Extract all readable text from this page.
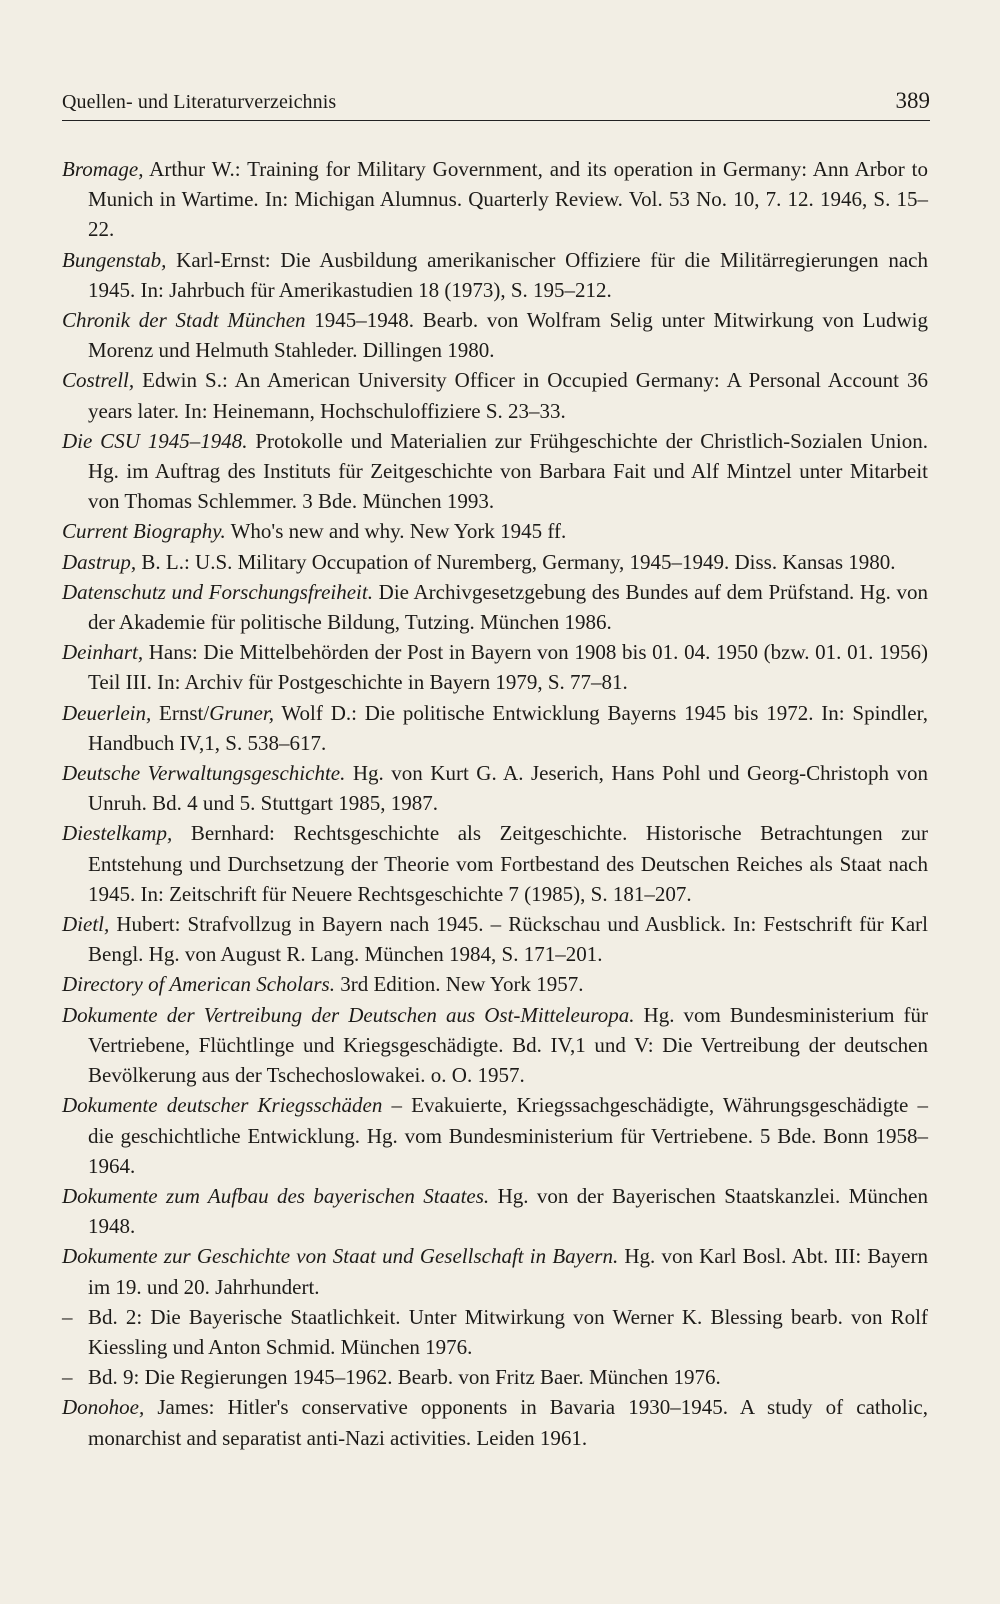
Quellen- und Literaturverzeichnis	389

Bromage, Arthur W.: Training for Military Government, and its operation in Germany: Ann Arbor to Munich in Wartime. In: Michigan Alumnus. Quarterly Review. Vol. 53 No. 10, 7. 12. 1946, S. 15–22.

Bungenstab, Karl-Ernst: Die Ausbildung amerikanischer Offiziere für die Militärregierungen nach 1945. In: Jahrbuch für Amerikastudien 18 (1973), S. 195–212.

Chronik der Stadt München 1945–1948. Bearb. von Wolfram Selig unter Mitwirkung von Ludwig Morenz und Helmuth Stahleder. Dillingen 1980.

Costrell, Edwin S.: An American University Officer in Occupied Germany: A Personal Account 36 years later. In: Heinemann, Hochschuloffiziere S. 23–33.

Die CSU 1945–1948. Protokolle und Materialien zur Frühgeschichte der Christlich-Sozialen Union. Hg. im Auftrag des Instituts für Zeitgeschichte von Barbara Fait und Alf Mintzel unter Mitarbeit von Thomas Schlemmer. 3 Bde. München 1993.

Current Biography. Who's new and why. New York 1945 ff.

Dastrup, B. L.: U.S. Military Occupation of Nuremberg, Germany, 1945–1949. Diss. Kansas 1980.

Datenschutz und Forschungsfreiheit. Die Archivgesetzgebung des Bundes auf dem Prüfstand. Hg. von der Akademie für politische Bildung, Tutzing. München 1986.

Deinhart, Hans: Die Mittelbehörden der Post in Bayern von 1908 bis 01. 04. 1950 (bzw. 01. 01. 1956) Teil III. In: Archiv für Postgeschichte in Bayern 1979, S. 77–81.

Deuerlein, Ernst/Gruner, Wolf D.: Die politische Entwicklung Bayerns 1945 bis 1972. In: Spindler, Handbuch IV,1, S. 538–617.

Deutsche Verwaltungsgeschichte. Hg. von Kurt G. A. Jeserich, Hans Pohl und Georg-Christoph von Unruh. Bd. 4 und 5. Stuttgart 1985, 1987.

Diestelkamp, Bernhard: Rechtsgeschichte als Zeitgeschichte. Historische Betrachtungen zur Entstehung und Durchsetzung der Theorie vom Fortbestand des Deutschen Reiches als Staat nach 1945. In: Zeitschrift für Neuere Rechtsgeschichte 7 (1985), S. 181–207.

Dietl, Hubert: Strafvollzug in Bayern nach 1945. – Rückschau und Ausblick. In: Festschrift für Karl Bengl. Hg. von August R. Lang. München 1984, S. 171–201.

Directory of American Scholars. 3rd Edition. New York 1957.

Dokumente der Vertreibung der Deutschen aus Ost-Mitteleuropa. Hg. vom Bundesministerium für Vertriebene, Flüchtlinge und Kriegsgeschädigte. Bd. IV,1 und V: Die Vertreibung der deutschen Bevölkerung aus der Tschechoslowakei. o. O. 1957.

Dokumente deutscher Kriegsschäden – Evakuierte, Kriegssachgeschädigte, Währungsgeschädigte – die geschichtliche Entwicklung. Hg. vom Bundesministerium für Vertriebene. 5 Bde. Bonn 1958–1964.

Dokumente zum Aufbau des bayerischen Staates. Hg. von der Bayerischen Staatskanzlei. München 1948.

Dokumente zur Geschichte von Staat und Gesellschaft in Bayern. Hg. von Karl Bosl. Abt. III: Bayern im 19. und 20. Jahrhundert.

– Bd. 2: Die Bayerische Staatlichkeit. Unter Mitwirkung von Werner K. Blessing bearb. von Rolf Kiessling und Anton Schmid. München 1976.

– Bd. 9: Die Regierungen 1945–1962. Bearb. von Fritz Baer. München 1976.

Donohoe, James: Hitler's conservative opponents in Bavaria 1930–1945. A study of catholic, monarchist and separatist anti-Nazi activities. Leiden 1961.
